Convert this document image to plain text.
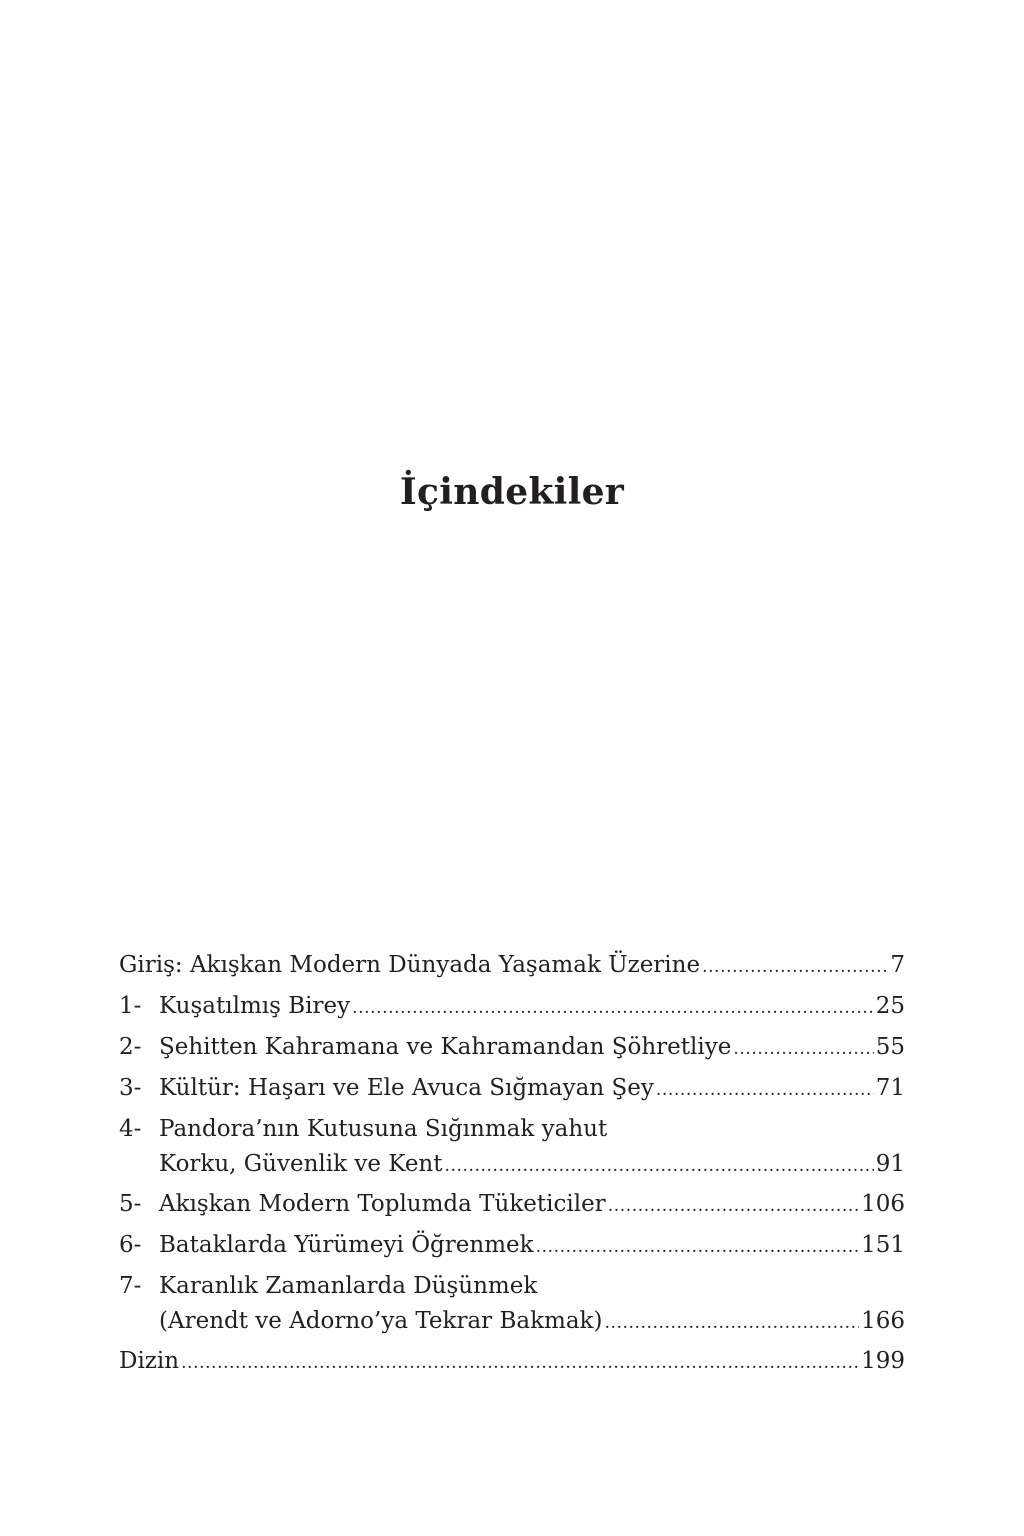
İçindekiler
Giriş: Akışkan Modern Dünyada Yaşamak Üzerine .....	7
1- Kuşatılmış Birey .....	25
2- Şehitten Kahramana ve Kahramandan Şöhretliye .....	55
3- Kültür: Haşarı ve Ele Avuca Sığmayan Şey .....	71
4- Pandora’nın Kutusuna Sığınmak yahut
Korku, Güvenlik ve Kent .....	91
5- Akışkan Modern Toplumda Tüketiciler .....	106
6- Bataklarda Yürümeyi Öğrenmek .....	151
7- Karanlık Zamanlarda Düşünmek
(Arendt ve Adorno’ya Tekrar Bakmak) .....	166
Dizin .....	199
